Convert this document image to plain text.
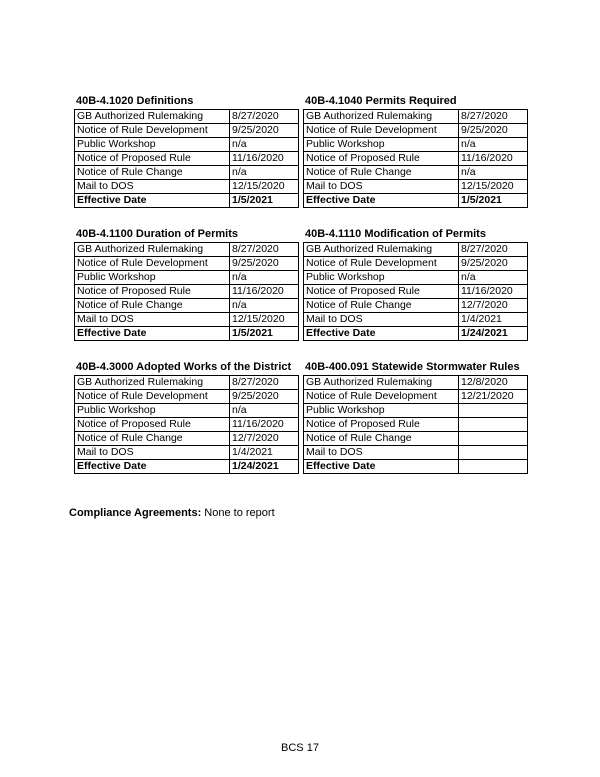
40B-4.1020 Definitions
GB Authorized Rulemaking	8/27/2020
Notice of Rule Development	9/25/2020
Public Workshop	n/a
Notice of Proposed Rule	11/16/2020
Notice of Rule Change	n/a
Mail to DOS	12/15/2020
Effective Date	1/5/2021
40B-4.1040 Permits Required
GB Authorized Rulemaking	8/27/2020
Notice of Rule Development	9/25/2020
Public Workshop	n/a
Notice of Proposed Rule	11/16/2020
Notice of Rule Change	n/a
Mail to DOS	12/15/2020
Effective Date	1/5/2021
40B-4.1100 Duration of Permits
GB Authorized Rulemaking	8/27/2020
Notice of Rule Development	9/25/2020
Public Workshop	n/a
Notice of Proposed Rule	11/16/2020
Notice of Rule Change	n/a
Mail to DOS	12/15/2020
Effective Date	1/5/2021
40B-4.1110 Modification of Permits
GB Authorized Rulemaking	8/27/2020
Notice of Rule Development	9/25/2020
Public Workshop	n/a
Notice of Proposed Rule	11/16/2020
Notice of Rule Change	12/7/2020
Mail to DOS	1/4/2021
Effective Date	1/24/2021
40B-4.3000 Adopted Works of the District
GB Authorized Rulemaking	8/27/2020
Notice of Rule Development	9/25/2020
Public Workshop	n/a
Notice of Proposed Rule	11/16/2020
Notice of Rule Change	12/7/2020
Mail to DOS	1/4/2021
Effective Date	1/24/2021
40B-400.091 Statewide Stormwater Rules
GB Authorized Rulemaking	12/8/2020
Notice of Rule Development	12/21/2020
Public Workshop	
Notice of Proposed Rule	
Notice of Rule Change	
Mail to DOS	
Effective Date	
Compliance Agreements: None to report
BCS 17
